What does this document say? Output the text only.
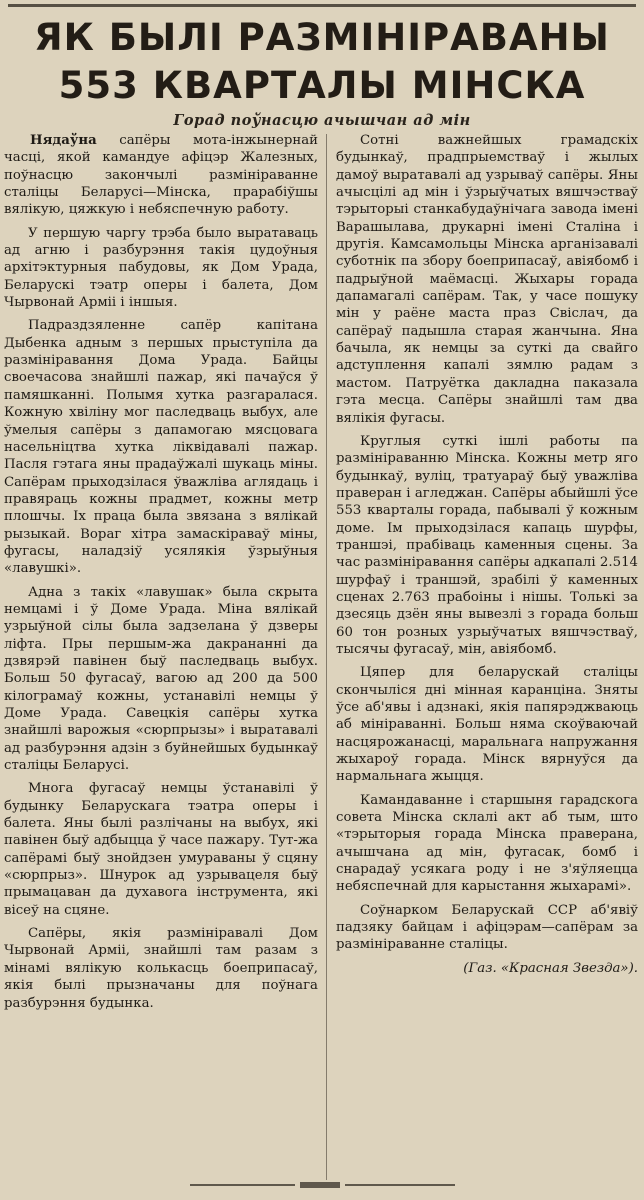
ЯК БЫЛІ РАЗМІНІРАВАНЫ
553 КВАРТАЛЫ МІНСКА
Горад поўнасцю ачышчан ад мін

Нядаўна сапёры мота-інжынернай часці, якой камандуе афіцэр Жалезных, поўнасцю закончылі размініраванне сталіцы Беларусі—Мінска, прарабіўшы вялікую, цяжкую і небяспечную работу.

У першую чаргу трэба было выратаваць ад агню і разбурэння такія цудоўныя архітэктурныя пабудовы, як Дом Урада, Беларускі тэатр оперы і балета, Дом Чырвонай Арміі і іншыя.

Падраздзяленне сапёр капітана Дыбенка адным з першых прыступіла да размініравання Дома Урада. Байцы своечасова знайшлі пажар, які пачаўся ў памяшканні. Полымя хутка разгаралася. Кожную хвіліну мог паследваць выбух, але ўмелыя сапёры з дапамогаю мясцовага насельніцтва хутка ліквідавалі пажар. Пасля гэтага яны прадаўжалі шукаць міны. Сапёрам прыходзілася ўважліва аглядаць і правяраць кожны прадмет, кожны метр плошчы. Іх праца была звязана з вялікай рызыкай. Вораг хітра замаскіраваў міны, фугасы, наладзіў усялякія ўзрыўныя «лавушкі».

Адна з такіх «лавушак» была скрыта немцамі і ў Доме Урада. Міна вялікай узрыўной сілы была задзелана ў дзверы ліфта. Пры першым-жа дакрананні да дзвярэй павінен быў паследваць выбух. Больш 50 фугасаў, вагою ад 200 да 500 кілограмаў кожны, устанавілі немцы ў Доме Урада. Савецкія сапёры хутка знайшлі варожыя «сюрпрызы» і выратавалі ад разбурэння адзін з буйнейшых будынкаў сталіцы Беларусі.

Многа фугасаў немцы ўстанавілі ў будынку Беларускага тэатра оперы і балета. Яны былі разлічаны на выбух, які павінен быў адбыцца ў часе пажару. Тут-жа сапёрамі быў знойдзен умураваны ў сцяну «сюрпрыз». Шнурок ад узрывацеля быў прымацаван да духавога інструмента, які вісеў на сцяне.

Сапёры, якія размініравалі Дом Чырвонай Арміі, знайшлі там разам з мінамі вялікую колькасць боеприпасаў, якія былі прызначаны для поўнага разбурэння будынка.

Сотні важнейшых грамадскіх будынкаў, прадпрыемстваў і жылых дамоў выратавалі ад узрываў сапёры. Яны ачысцілі ад мін і ўзрыўчатых вяшчэстваў тэрыторыі станкабудаўнічага завода імені Варашылава, друкарні імені Сталіна і другія. Камсамольцы Мінска арганізавалі суботнік па збору боеприпасаў, авіябомб і падрыўной маёмасці. Жыхары горада дапамагалі сапёрам. Так, у часе пошуку мін у раёне маста праз Свіслач, да сапёраў падышла старая жанчына. Яна бачыла, як немцы за суткі да свайго адступлення капалі зямлю радам з мастом. Патруётка дакладна паказала гэта месца. Сапёры знайшлі там два вялікія фугасы.

Круглыя суткі ішлі работы па размініраванню Мінска. Кожны метр яго будынкаў, вуліц, тратуараў быў уважліва праверан і агледжан. Сапёры абыйшлі ўсе 553 кварталы горада, пабывалі ў кожным доме. Ім прыходзілася капаць шурфы, траншэі, прабіваць каменныя сцены. За час размініравання сапёры адкапалі 2.514 шурфаў і траншэй, зрабілі ў каменных сценах 2.763 прабоіны і нішы. Толькі за дзесяць дзён яны вывезлі з горада больш 60 тон розных узрыўчатых вяшчэстваў, тысячы фугасаў, мін, авіябомб.

Цяпер для беларускай сталіцы скончыліся дні мінная каранціна. Зняты ўсе аб'явы і адзнакі, якія папярэджваюць аб мініраванні. Больш няма скоўваючай насцярожанасці, маральнага напружання жыхароў горада. Мінск вярнуўся да нармальнага жыцця.

Камандаванне і старшыня гарадскога совета Мінска склалі акт аб тым, што «тэрыторыя горада Мінска праверана, ачышчана ад мін, фугасак, бомб і снарадаў усякага роду і не з'яўляецца небяспечнай для карыстання жыхарамі».

Соўнарком Беларускай ССР аб'явіў падзяку байцам і афіцэрам—сапёрам за размініраванне сталіцы.

(Газ. «Красная Звезда»).
